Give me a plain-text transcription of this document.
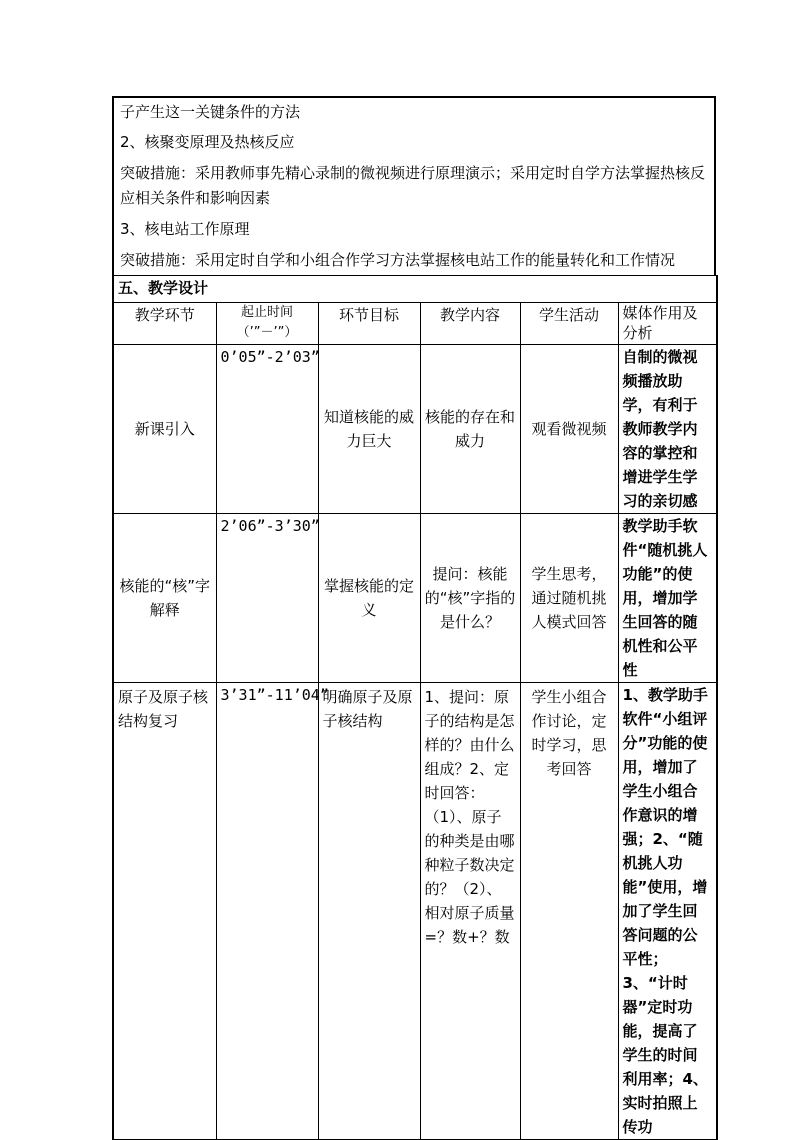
子产生这一关键条件的方法
2、核聚变原理及热核反应
突破措施：采用教师事先精心录制的微视频进行原理演示；采用定时自学方法掌握热核反应相关条件和影响因素
3、核电站工作原理
突破措施：采用定时自学和小组合作学习方法掌握核电站工作的能量转化和工作情况
五、教学设计					
教学环节	起止时间（’”－’”）	环节目标	教学内容	学生活动	媒体作用及分析
新课引入	0’05”-2’03”	知道核能的威力巨大	核能的存在和威力	观看微视频	自制的微视频播放助学，有利于教师教学内容的掌控和增进学生学习的亲切感
核能的“核”字解释	2’06”-3’30”	掌握核能的定义	提问：核能的“核”字指的是什么？	学生思考，通过随机挑人模式回答	教学助手软件“随机挑人功能”的使用，增加学生回答的随机性和公平性
原子及原子核结构复习	3’31”-11’04”	明确原子及原子核结构	1、提问：原子的结构是怎样的？由什么组成？2、定时回答：（1）、原子的种类是由哪种粒子数决定的？（2）、相对原子质量=？数+？数	学生小组合作讨论，定时学习，思考回答	1、教学助手软件“小组评分”功能的使用，增加了学生小组合作意识的增强；2、“随机挑人功能”使用，增加了学生回答问题的公平性；3、“计时器”定时功能，提高了学生的时间利用率；4、实时拍照上传功
